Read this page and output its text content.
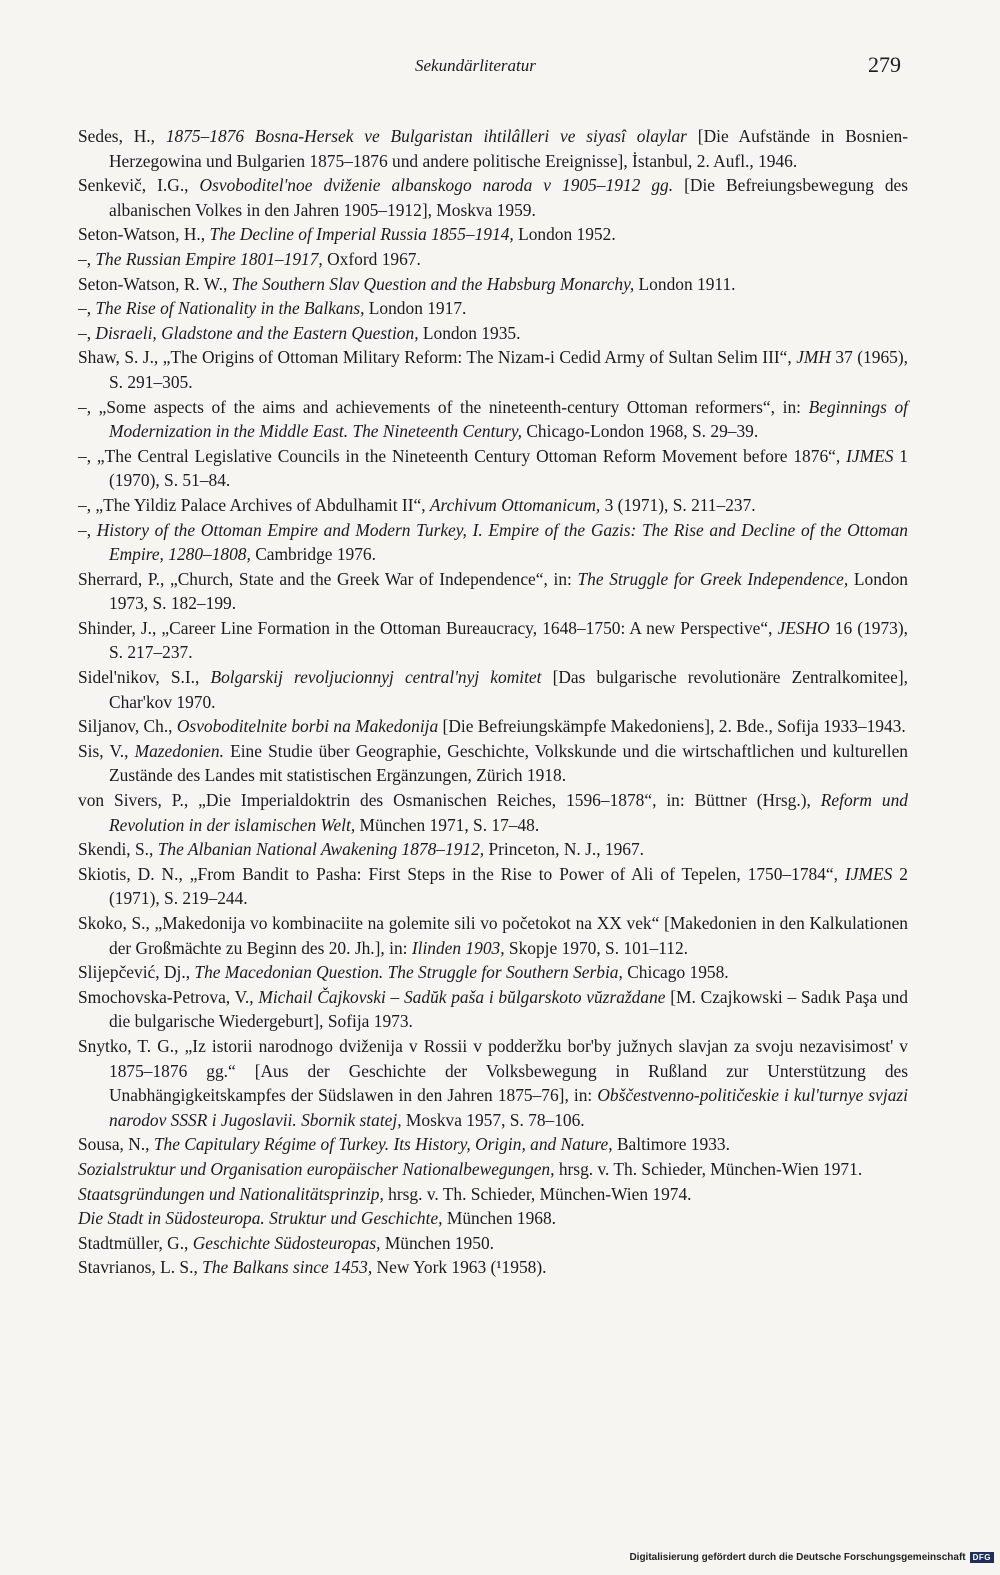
Sekundärliteratur	279

Sedes, H., 1875–1876 Bosna-Hersek ve Bulgaristan ihtilâlleri ve siyasî olaylar [Die Aufstände in Bosnien-Herzegowina und Bulgarien 1875–1876 und andere politische Ereignisse], İstanbul, 2. Aufl., 1946.

Senkevič, I.G., Osvoboditel'noe dviženie albanskogo naroda v 1905–1912 gg. [Die Befreiungsbewegung des albanischen Volkes in den Jahren 1905–1912], Moskva 1959.

Seton-Watson, H., The Decline of Imperial Russia 1855–1914, London 1952.

–, The Russian Empire 1801–1917, Oxford 1967.

Seton-Watson, R. W., The Southern Slav Question and the Habsburg Monarchy, London 1911.

–, The Rise of Nationality in the Balkans, London 1917.

–, Disraeli, Gladstone and the Eastern Question, London 1935.

Shaw, S. J., „The Origins of Ottoman Military Reform: The Nizam-i Cedid Army of Sultan Selim III“, JMH 37 (1965), S. 291–305.

–, „Some aspects of the aims and achievements of the nineteenth-century Ottoman reformers“, in: Beginnings of Modernization in the Middle East. The Nineteenth Century, Chicago-London 1968, S. 29–39.

–, „The Central Legislative Councils in the Nineteenth Century Ottoman Reform Movement before 1876“, IJMES 1 (1970), S. 51–84.

–, „The Yildiz Palace Archives of Abdulhamit II“, Archivum Ottomanicum, 3 (1971), S. 211–237.

–, History of the Ottoman Empire and Modern Turkey, I. Empire of the Gazis: The Rise and Decline of the Ottoman Empire, 1280–1808, Cambridge 1976.

Sherrard, P., „Church, State and the Greek War of Independence“, in: The Struggle for Greek Independence, London 1973, S. 182–199.

Shinder, J., „Career Line Formation in the Ottoman Bureaucracy, 1648–1750: A new Perspective“, JESHO 16 (1973), S. 217–237.

Sidel'nikov, S.I., Bolgarskij revoljucionnyj central'nyj komitet [Das bulgarische revolutionäre Zentralkomitee], Char'kov 1970.

Siljanov, Ch., Osvoboditelnite borbi na Makedonija [Die Befreiungskämpfe Makedoniens], 2. Bde., Sofija 1933–1943.

Sis, V., Mazedonien. Eine Studie über Geographie, Geschichte, Volkskunde und die wirtschaftlichen und kulturellen Zustände des Landes mit statistischen Ergänzungen, Zürich 1918.

von Sivers, P., „Die Imperialdoktrin des Osmanischen Reiches, 1596–1878“, in: Büttner (Hrsg.), Reform und Revolution in der islamischen Welt, München 1971, S. 17–48.

Skendi, S., The Albanian National Awakening 1878–1912, Princeton, N. J., 1967.

Skiotis, D. N., „From Bandit to Pasha: First Steps in the Rise to Power of Ali of Tepelen, 1750–1784“, IJMES 2 (1971), S. 219–244.

Skoko, S., „Makedonija vo kombinaciite na golemite sili vo početokot na XX vek“ [Makedonien in den Kalkulationen der Großmächte zu Beginn des 20. Jh.], in: Ilinden 1903, Skopje 1970, S. 101–112.

Slijepčević, Dj., The Macedonian Question. The Struggle for Southern Serbia, Chicago 1958.

Smochovska-Petrova, V., Michail Čajkovski – Sadŭk paša i bŭlgarskoto vŭzraždane [M. Czajkowski – Sadık Paşa und die bulgarische Wiedergeburt], Sofija 1973.

Snytko, T. G., „Iz istorii narodnogo dviženija v Rossii v podderžku bor'by južnych slavjan za svoju nezavisimost' v 1875–1876 gg.“ [Aus der Geschichte der Volksbewegung in Rußland zur Unterstützung des Unabhängigkeitskampfes der Südslawen in den Jahren 1875–76], in: Obščestvenno-političeskie i kul'turnye svjazi narodov SSSR i Jugoslavii. Sbornik statej, Moskva 1957, S. 78–106.

Sousa, N., The Capitulary Régime of Turkey. Its History, Origin, and Nature, Baltimore 1933.

Sozialstruktur und Organisation europäischer Nationalbewegungen, hrsg. v. Th. Schieder, München-Wien 1971.

Staatsgründungen und Nationalitätsprinzip, hrsg. v. Th. Schieder, München-Wien 1974.

Die Stadt in Südosteuropa. Struktur und Geschichte, München 1968.

Stadtmüller, G., Geschichte Südosteuropas, München 1950.

Stavrianos, L. S., The Balkans since 1453, New York 1963 (¹1958).

Digitalisierung gefördert durch die Deutsche Forschungsgemeinschaft DFG
